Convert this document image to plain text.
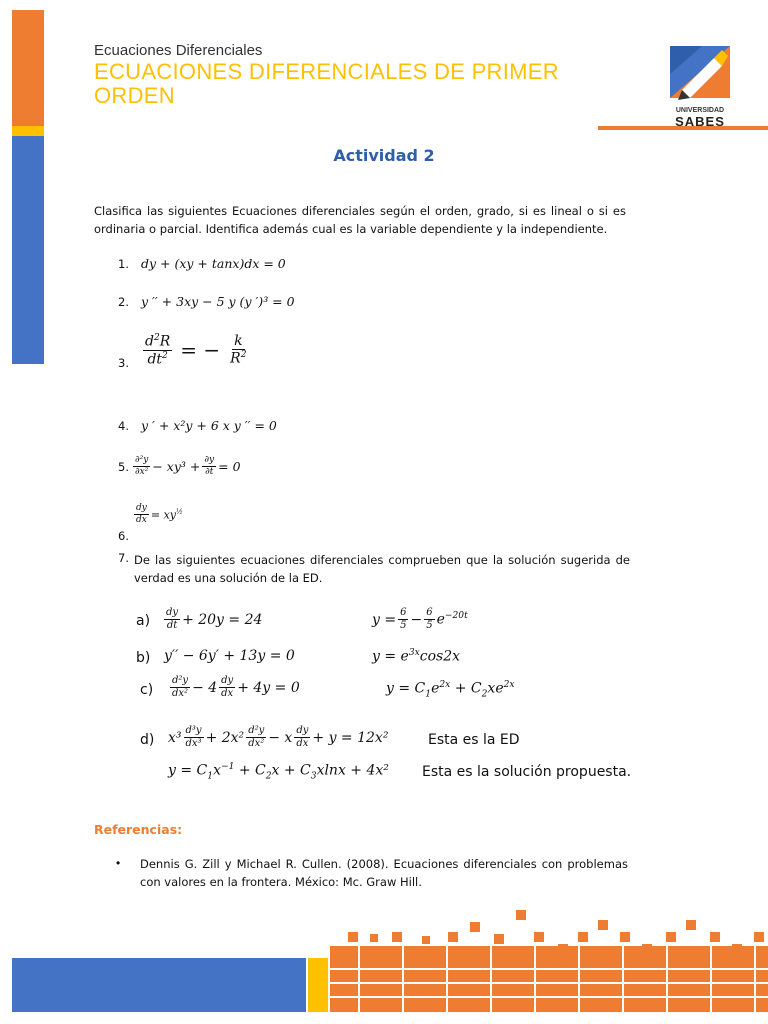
Ecuaciones Diferenciales
ECUACIONES DIFERENCIALES DE PRIMER ORDEN
UNIVERSIDAD
SABES
Actividad 2
Clasifica las siguientes Ecuaciones diferenciales según el orden, grado, si es lineal o si es ordinaria o parcial. Identifica además cual es la variable dependiente y la independiente.
1. dy + (xy + tanx)dx = 0
2. y ′′ + 3xy − 5 y (y ′)³ = 0
3. $\frac{d^2R}{dt^2}$ = − $\frac{k}{R^2}$
4. y ′ + x²y + 6 x y ′′ = 0
5. $\frac{\text{∂²y}}{\text{∂x²}} - xy^3 + \frac{\partial y}{\partial t} = 0$
$\frac{dy}{dx} = xy^{\frac{1}{2}}$
6.
7. De las siguientes ecuaciones diferenciales comprueben que la solución sugerida de verdad es una solución de la ED.
$a) \frac{dy}{dt} + 20y = 24$	$y = \frac{6}{5} - \frac{6}{5} e^{-20t}$
b) y′′ − 6y′ + 13y = 0	$y = e^{3x}\cos 2x$
$c) \frac{\text{d²y}}{\text{dx²}} - 4 \frac{dy}{dx} + 4y = 0$	$y = C_1e^{2x} + C_2xe^{2x}$
d) $x^3 \frac{\text{d³y}}{\text{dx³}} + 2x^2 \frac{\text{d²y}}{\text{dx²}} - x \frac{dy}{dx} + y = 12x^2$	Esta es la ED
$y = C_1x^{-1} + C_2x + C_3xlnx + 4x^2$ Esta es la solución propuesta.
Referencias:
• Dennis G. Zill y Michael R. Cullen. (2008). Ecuaciones diferenciales con problemas con valores en la frontera. México: Mc. Graw Hill.
